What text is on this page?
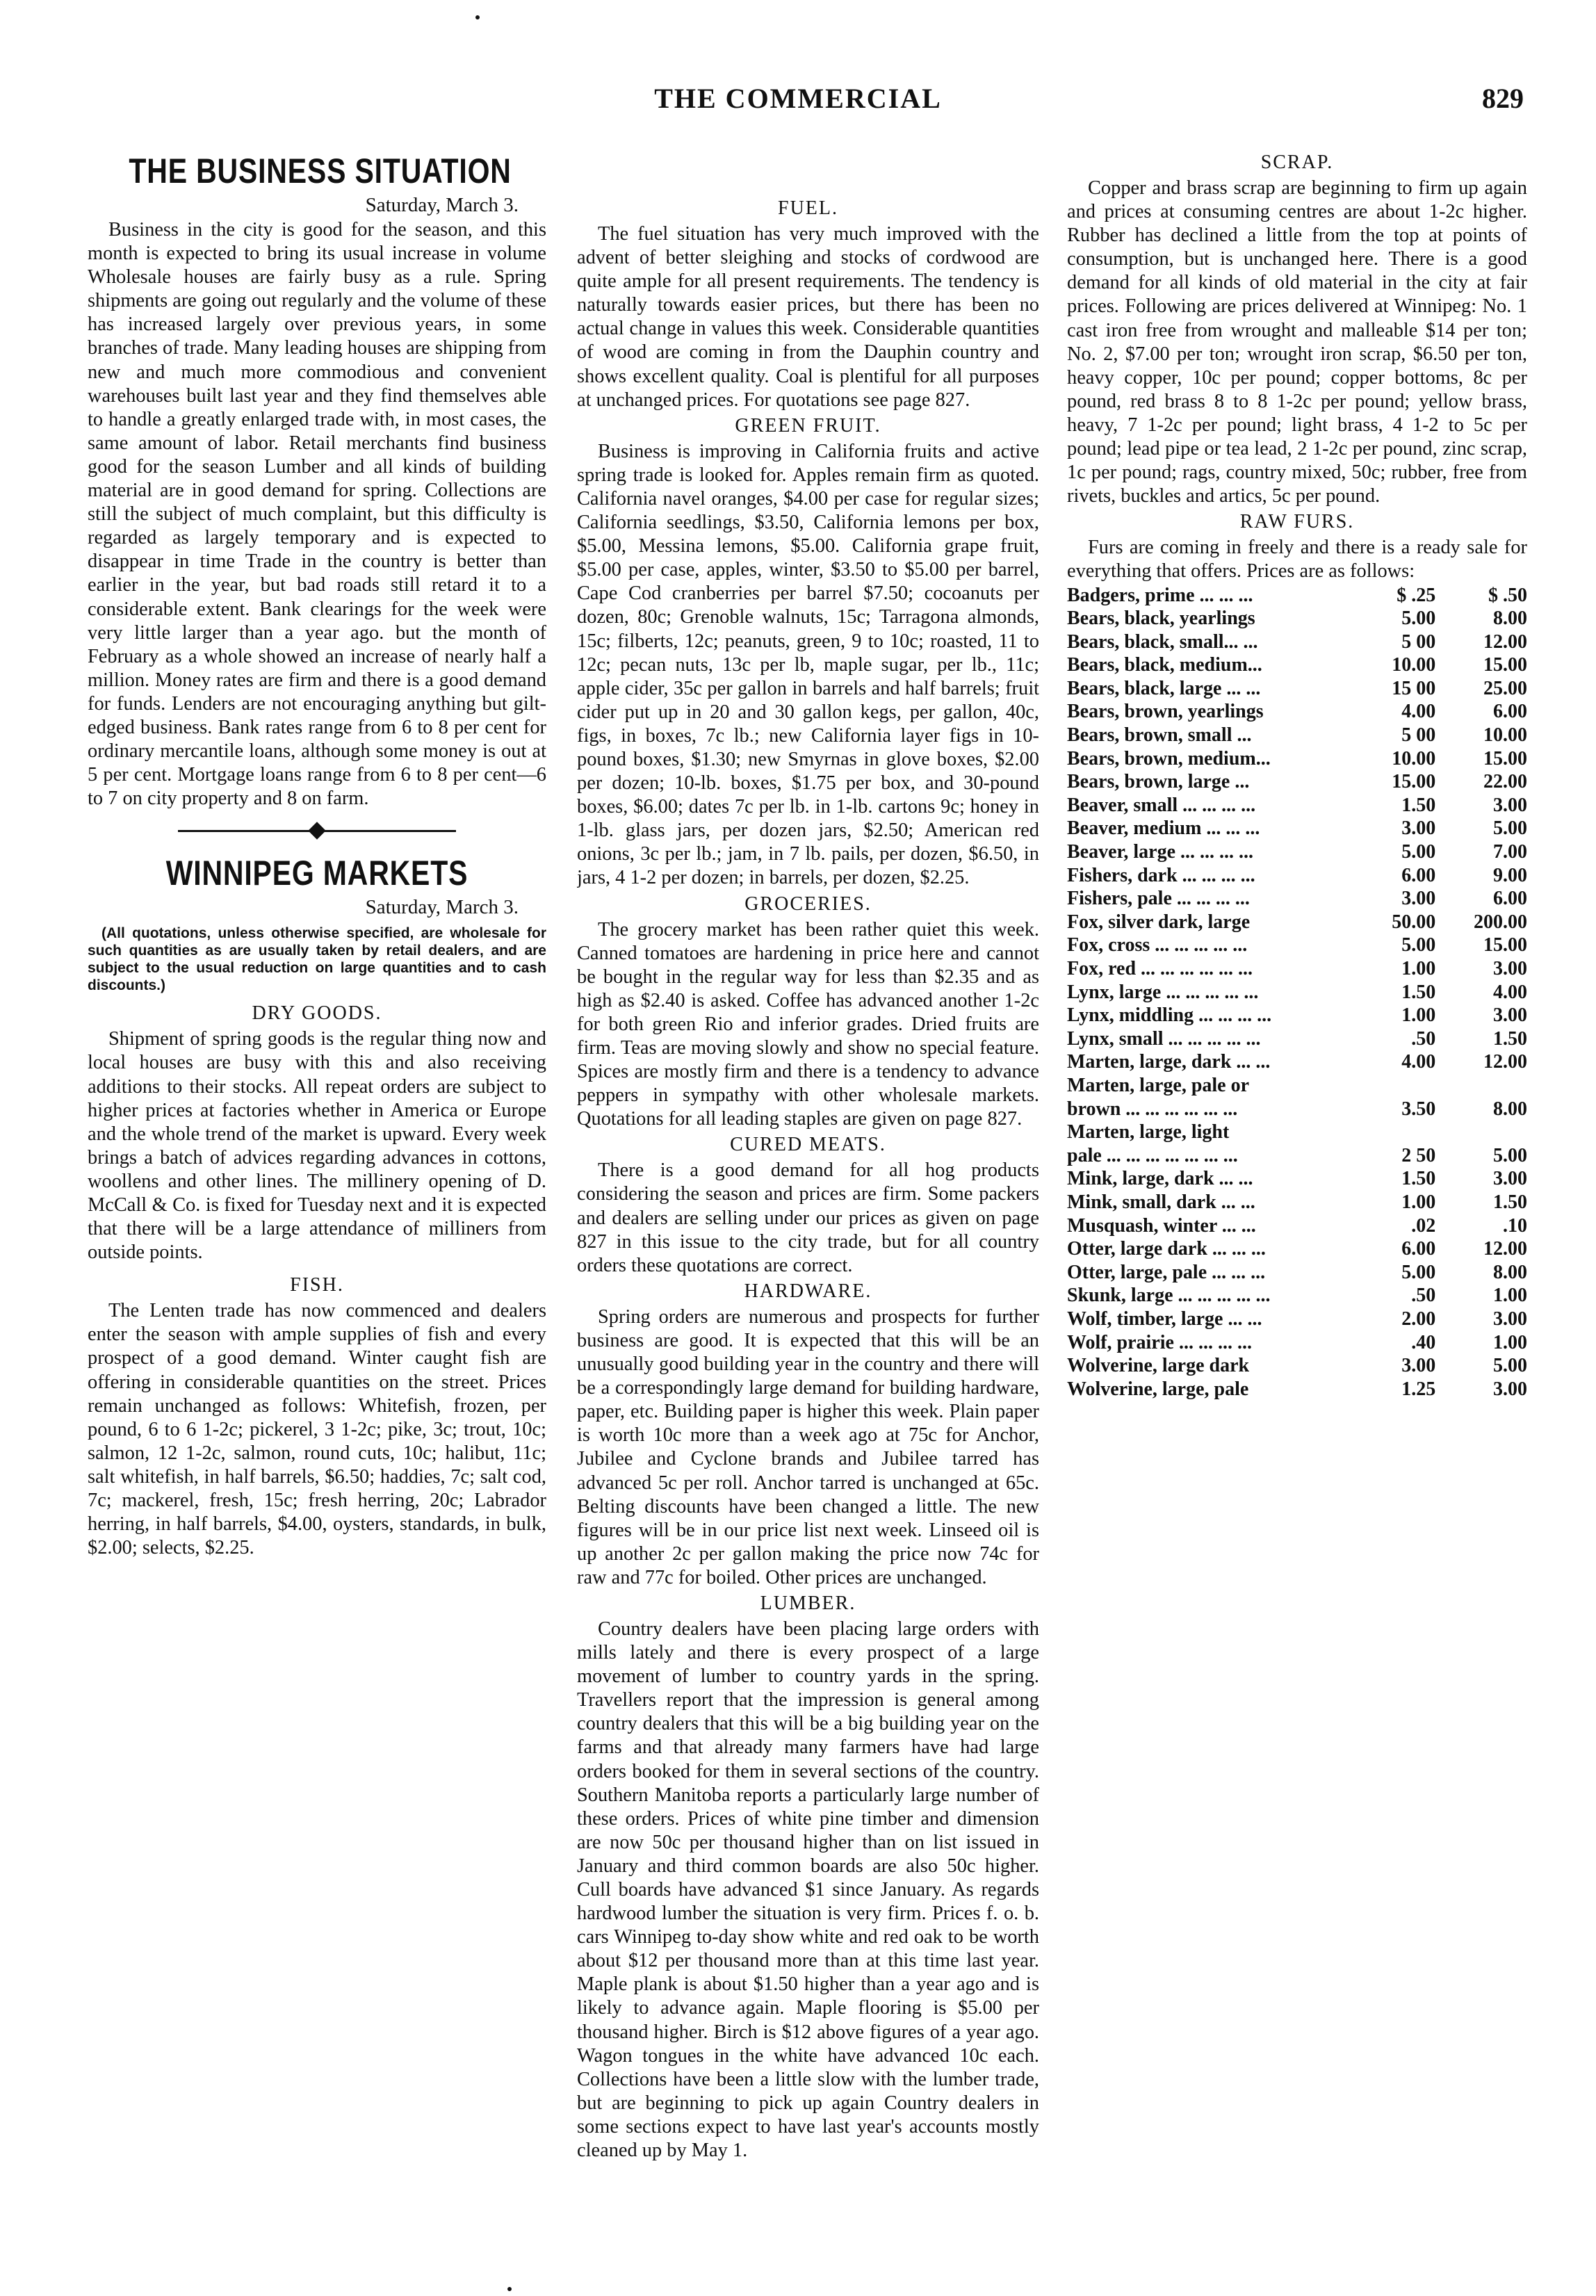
THE COMMERCIAL	829
THE BUSINESS SITUATION
Saturday, March 3.

Business in the city is good for the season, and this month is expected to bring its usual increase in volume Wholesale houses are fairly busy as a rule. Spring shipments are going out regularly and the volume of these has increased largely over previous years, in some branches of trade. Many leading houses are shipping from new and much more commodious and convenient warehouses built last year and they find themselves able to handle a greatly enlarged trade with, in most cases, the same amount of labor. Retail merchants find business good for the season Lumber and all kinds of building material are in good demand for spring. Collections are still the subject of much complaint, but this difficulty is regarded as largely temporary and is expected to disappear in time Trade in the country is better than earlier in the year, but bad roads still retard it to a considerable extent. Bank clearings for the week were very little larger than a year ago. but the month of February as a whole showed an increase of nearly half a million. Money rates are firm and there is a good demand for funds. Lenders are not encouraging anything but gilt-edged business. Bank rates range from 6 to 8 per cent for ordinary mercantile loans, although some money is out at 5 per cent. Mortgage loans range from 6 to 8 per cent—6 to 7 on city property and 8 on farm.

WINNIPEG MARKETS
Saturday, March 3.

(All quotations, unless otherwise specified, are wholesale for such quantities as are usually taken by retail dealers, and are subject to the usual reduction on large quantities and to cash discounts.)

DRY GOODS.

Shipment of spring goods is the regular thing now and local houses are busy with this and also receiving additions to their stocks. All repeat orders are subject to higher prices at factories whether in America or Europe and the whole trend of the market is upward. Every week brings a batch of advices regarding advances in cottons, woollens and other lines. The millinery opening of D. McCall & Co. is fixed for Tuesday next and it is expected that there will be a large attendance of milliners from outside points.

FISH.

The Lenten trade has now commenced and dealers enter the season with ample supplies of fish and every prospect of a good demand. Winter caught fish are offering in considerable quantities on the street. Prices remain unchanged as follows: Whitefish, frozen, per pound, 6 to 6 1-2c; pickerel, 3 1-2c; pike, 3c; trout, 10c; salmon, 12 1-2c, salmon, round cuts, 10c; halibut, 11c; salt whitefish, in half barrels, $6.50; haddies, 7c; salt cod, 7c; mackerel, fresh, 15c; fresh herring, 20c; Labrador herring, in half barrels, $4.00, oysters, standards, in bulk, $2.00; selects, $2.25.

FUEL.

The fuel situation has very much improved with the advent of better sleighing and stocks of cordwood are quite ample for all present requirements. The tendency is naturally towards easier prices, but there has been no actual change in values this week. Considerable quantities of wood are coming in from the Dauphin country and shows excellent quality. Coal is plentiful for all purposes at unchanged prices. For quotations see page 827.

GREEN FRUIT.

Business is improving in California fruits and active spring trade is looked for. Apples remain firm as quoted. California navel oranges, $4.00 per case for regular sizes; California seedlings, $3.50, California lemons per box, $5.00, Messina lemons, $5.00. California grape fruit, $5.00 per case, apples, winter, $3.50 to $5.00 per barrel, Cape Cod cranberries per barrel $7.50; cocoanuts per dozen, 80c; Grenoble walnuts, 15c; Tarragona almonds, 15c; filberts, 12c; peanuts, green, 9 to 10c; roasted, 11 to 12c; pecan nuts, 13c per lb, maple sugar, per lb., 11c; apple cider, 35c per gallon in barrels and half barrels; fruit cider put up in 20 and 30 gallon kegs, per gallon, 40c, figs, in boxes, 7c lb.; new California layer figs in 10-pound boxes, $1.30; new Smyrnas in glove boxes, $2.00 per dozen; 10-lb. boxes, $1.75 per box, and 30-pound boxes, $6.00; dates 7c per lb. in 1-lb. cartons 9c; honey in 1-lb. glass jars, per dozen jars, $2.50; American red onions, 3c per lb.; jam, in 7 lb. pails, per dozen, $6.50, in jars, 4 1-2 per dozen; in barrels, per dozen, $2.25.

GROCERIES.

The grocery market has been rather quiet this week. Canned tomatoes are hardening in price here and cannot be bought in the regular way for less than $2.35 and as high as $2.40 is asked. Coffee has advanced another 1-2c for both green Rio and inferior grades. Dried fruits are firm. Teas are moving slowly and show no special feature. Spices are mostly firm and there is a tendency to advance peppers in sympathy with other wholesale markets. Quotations for all leading staples are given on page 827.

CURED MEATS.

There is a good demand for all hog products considering the season and prices are firm. Some packers and dealers are selling under our prices as given on page 827 in this issue to the city trade, but for all country orders these quotations are correct.

HARDWARE.

Spring orders are numerous and prospects for further business are good. It is expected that this will be an unusually good building year in the country and there will be a correspondingly large demand for building hardware, paper, etc. Building paper is higher this week. Plain paper is worth 10c more than a week ago at 75c for Anchor, Jubilee and Cyclone brands and Jubilee tarred has advanced 5c per roll. Anchor tarred is unchanged at 65c. Belting discounts have been changed a little. The new figures will be in our price list next week. Linseed oil is up another 2c per gallon making the price now 74c for raw and 77c for boiled. Other prices are unchanged.

LUMBER.

Country dealers have been placing large orders with mills lately and there is every prospect of a large movement of lumber to country yards in the spring. Travellers report that the impression is general among country dealers that this will be a big building year on the farms and that already many farmers have had large orders booked for them in several sections of the country. Southern Manitoba reports a particularly large number of these orders. Prices of white pine timber and dimension are now 50c per thousand higher than on list issued in January and third common boards are also 50c higher. Cull boards have advanced $1 since January. As regards hardwood lumber the situation is very firm. Prices f. o. b. cars Winnipeg to-day show white and red oak to be worth about $12 per thousand more than at this time last year. Maple plank is about $1.50 higher than a year ago and is likely to advance again. Maple flooring is $5.00 per thousand higher. Birch is $12 above figures of a year ago. Wagon tongues in the white have advanced 10c each. Collections have been a little slow with the lumber trade, but are beginning to pick up again Country dealers in some sections expect to have last year's accounts mostly cleaned up by May 1.

SCRAP.

Copper and brass scrap are beginning to firm up again and prices at consuming centres are about 1-2c higher. Rubber has declined a little from the top at points of consumption, but is unchanged here. There is a good demand for all kinds of old material in the city at fair prices. Following are prices delivered at Winnipeg: No. 1 cast iron free from wrought and malleable $14 per ton; No. 2, $7.00 per ton; wrought iron scrap, $6.50 per ton, heavy copper, 10c per pound; copper bottoms, 8c per pound, red brass 8 to 8 1-2c per pound; yellow brass, heavy, 7 1-2c per pound; light brass, 4 1-2 to 5c per pound; lead pipe or tea lead, 2 1-2c per pound, zinc scrap, 1c per pound; rags, country mixed, 50c; rubber, free from rivets, buckles and artics, 5c per pound.

RAW FURS.

Furs are coming in freely and there is a ready sale for everything that offers. Prices are as follows:

Badgers, prime ... ... ...	$ .25	$ .50
Bears, black, yearlings	5.00	8.00
Bears, black, small... ...	5 00	12.00
Bears, black, medium...	10.00	15.00
Bears, black, large ... ...	15 00	25.00
Bears, brown, yearlings	4.00	6.00
Bears, brown, small ...	5 00	10.00
Bears, brown, medium...	10.00	15.00
Bears, brown, large ...	15.00	22.00
Beaver, small ... ... ... ...	1.50	3.00
Beaver, medium ... ... ...	3.00	5.00
Beaver, large ... ... ... ...	5.00	7.00
Fishers, dark ... ... ... ...	6.00	9.00
Fishers, pale ... ... ... ...	3.00	6.00
Fox, silver dark, large	50.00	200.00
Fox, cross ... ... ... ... ...	5.00	15.00
Fox, red ... ... ... ... ... ...	1.00	3.00
Lynx, large ... ... ... ... ...	1.50	4.00
Lynx, middling ... ... ... ...	1.00	3.00
Lynx, small ... ... ... ... ...	.50	1.50
Marten, large, dark ... ...	4.00	12.00
Marten, large, pale or		
brown ... ... ... ... ... ...	3.50	8.00
Marten, large, light		
pale ... ... ... ... ... ... ...	2 50	5.00
Mink, large, dark ... ...	1.50	3.00
Mink, small, dark ... ...	1.00	1.50
Musquash, winter ... ...	.02	.10
Otter, large dark ... ... ...	6.00	12.00
Otter, large, pale ... ... ...	5.00	8.00
Skunk, large ... ... ... ... ...	.50	1.00
Wolf, timber, large ... ...	2.00	3.00
Wolf, prairie ... ... ... ...	.40	1.00
Wolverine, large dark	3.00	5.00
Wolverine, large, pale	1.25	3.00
